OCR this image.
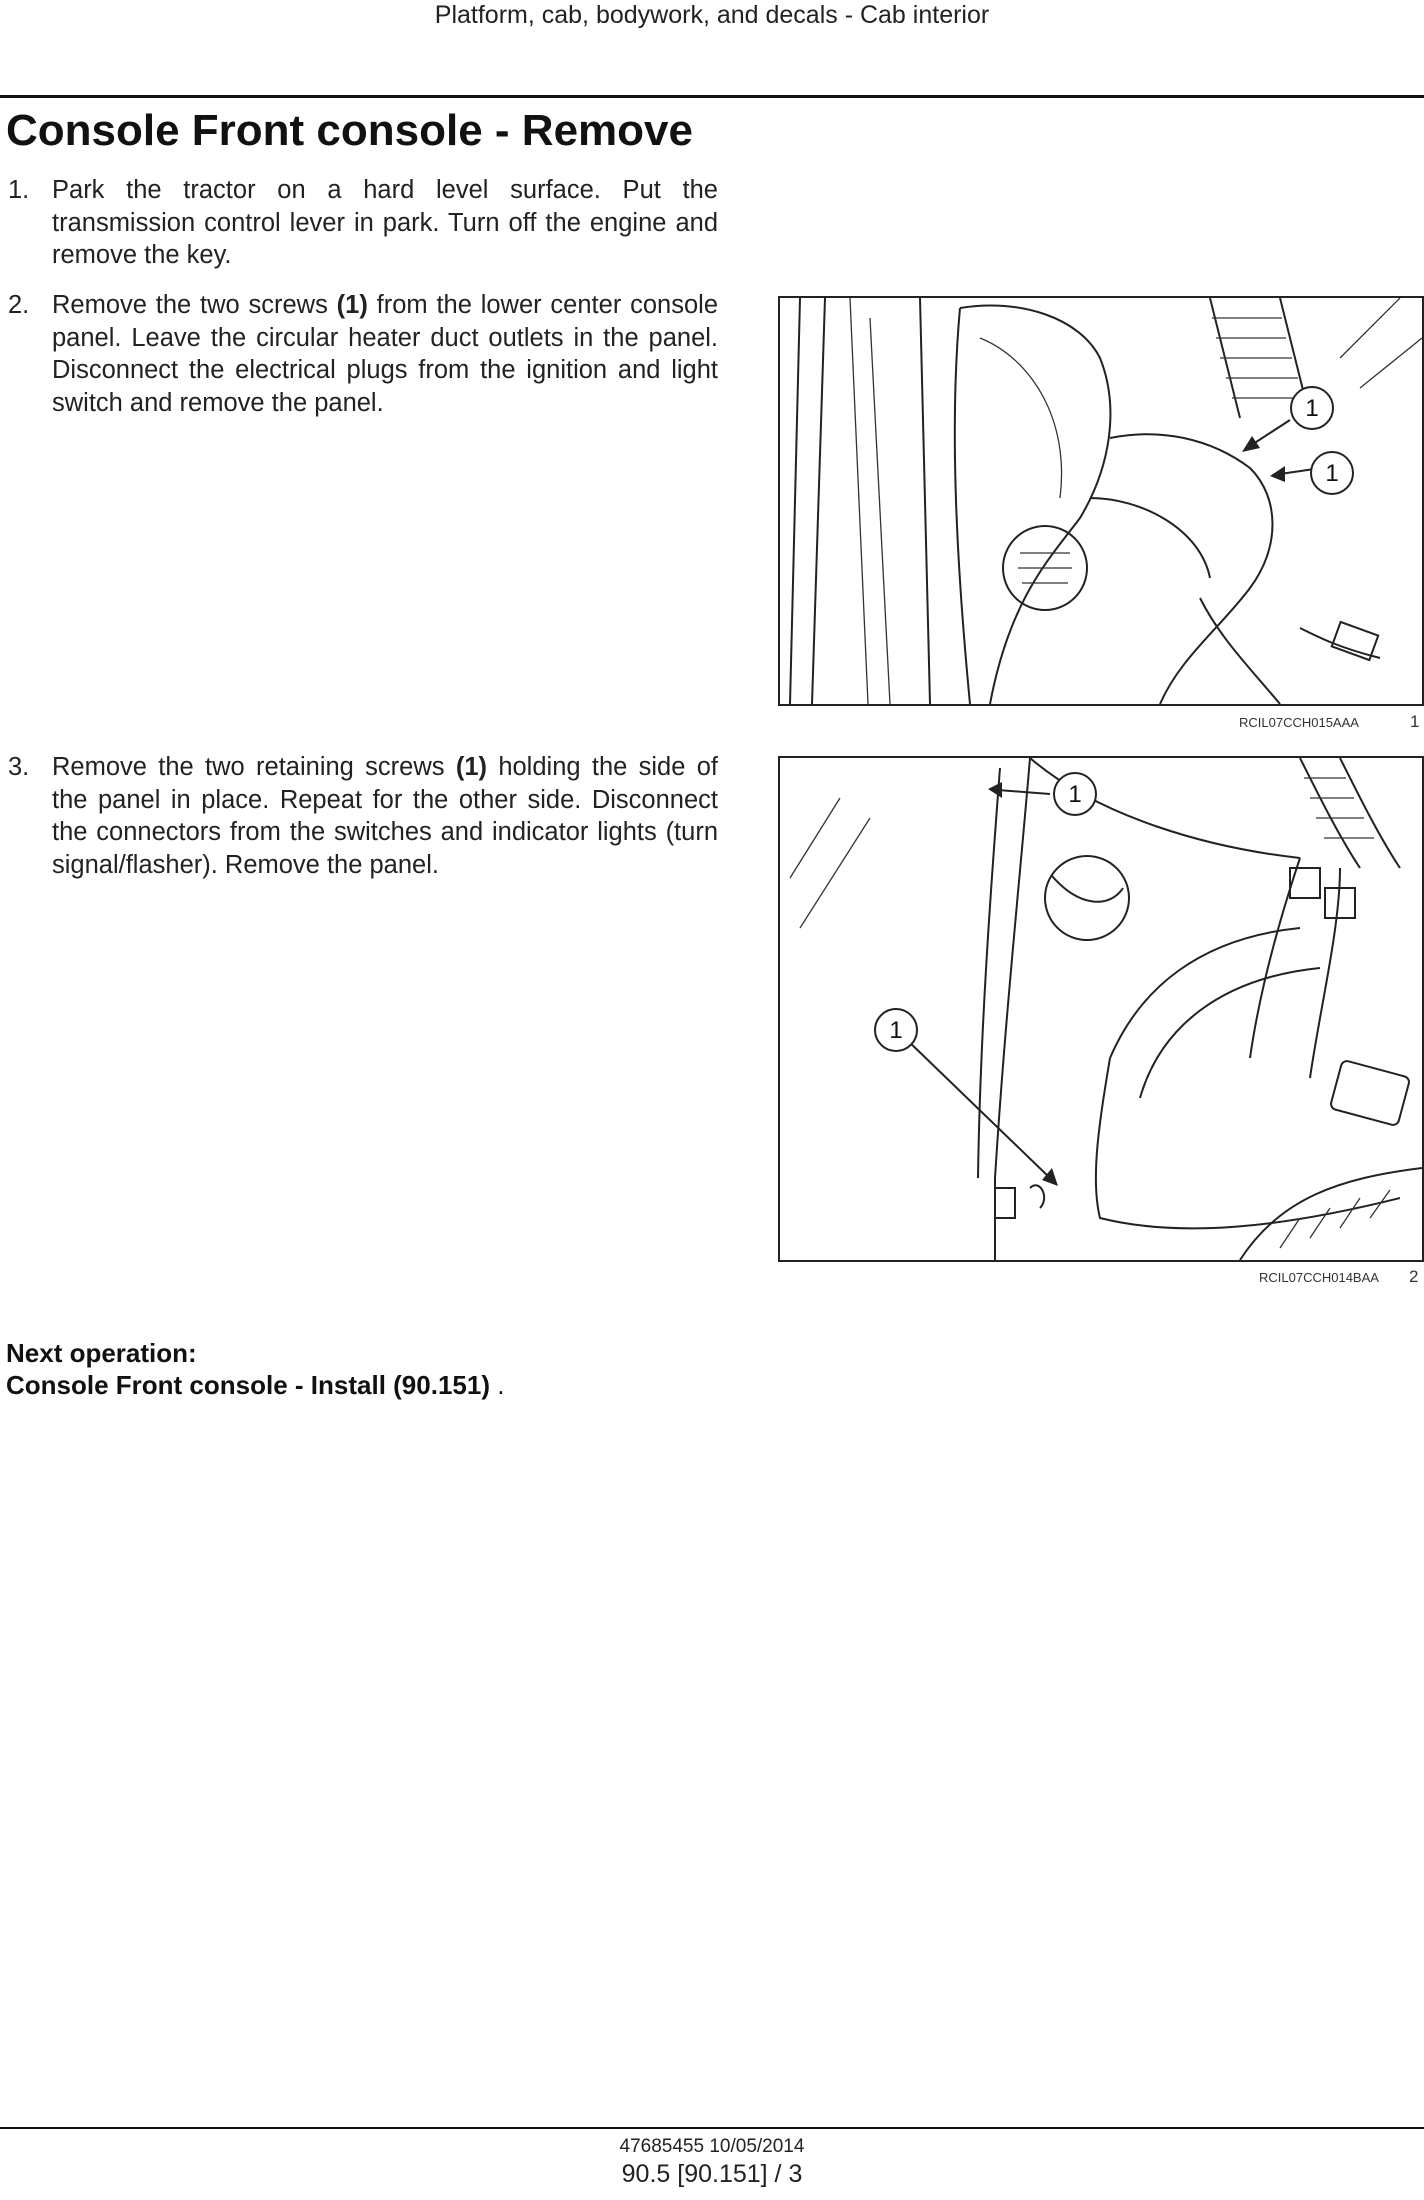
Platform, cab, bodywork, and decals - Cab interior
Console Front console - Remove
1. Park the tractor on a hard level surface. Put the transmission control lever in park. Turn off the engine and remove the key.
2. Remove the two screws (1) from the lower center console panel. Leave the circular heater duct outlets in the panel. Disconnect the electrical plugs from the ignition and light switch and remove the panel.
3. Remove the two retaining screws (1) holding the side of the panel in place. Repeat for the other side. Disconnect the connectors from the switches and indicator lights (turn signal/flasher). Remove the panel.
1
1
RCIL07CCH015AAA	1
1
1
RCIL07CCH014BAA 2
Next operation:
Console Front console - Install (90.151) .
47685455 10/05/2014
90.5 [90.151] / 3
